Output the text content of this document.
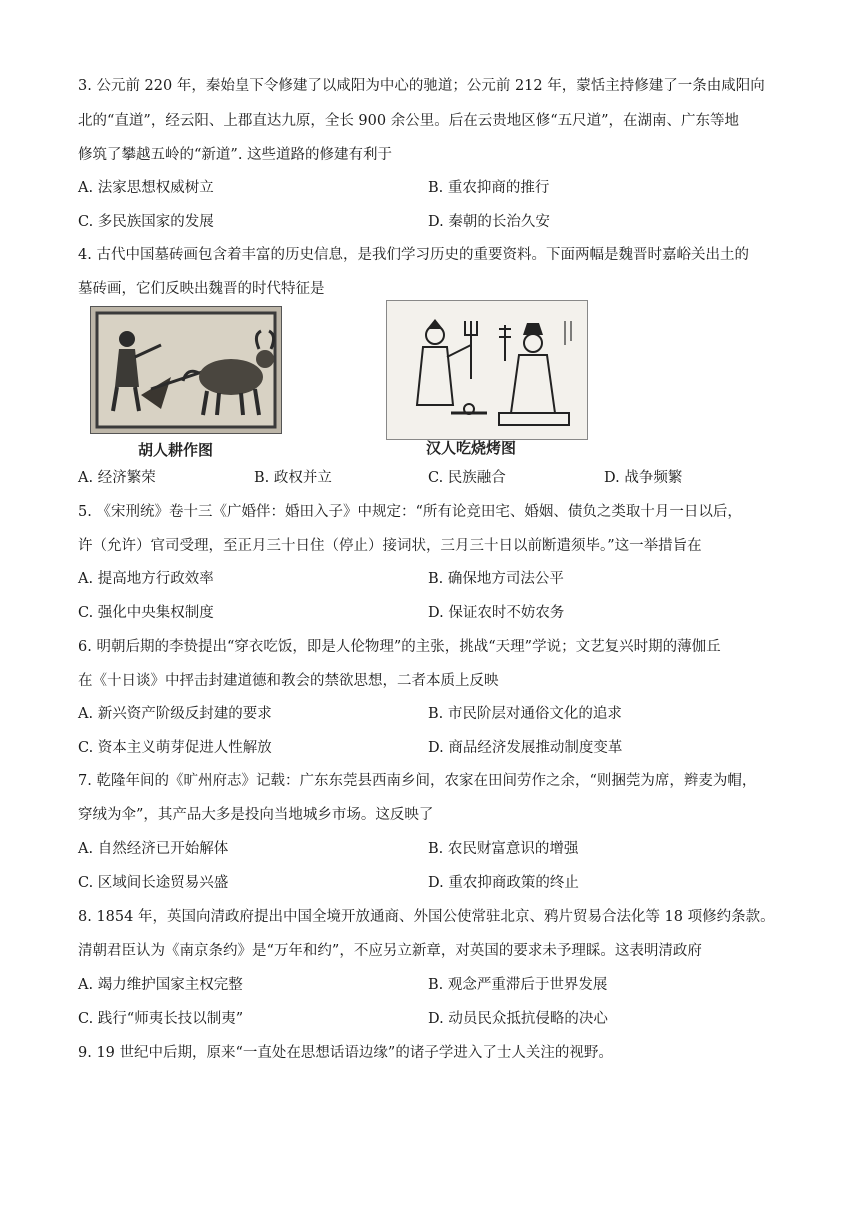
3. 公元前 220 年，秦始皇下令修建了以咸阳为中心的驰道；公元前 212 年，蒙恬主持修建了一条由咸阳向
北的“直道”，经云阳、上郡直达九原，全长 900 余公里。后在云贵地区修“五尺道”，在湖南、广东等地
修筑了攀越五岭的“新道”. 这些道路的修建有利于
A. 法家思想权威树立	B. 重农抑商的推行
C. 多民族国家的发展	D. 秦朝的长治久安
4. 古代中国墓砖画包含着丰富的历史信息，是我们学习历史的重要资料。下面两幅是魏晋时嘉峪关出土的
墓砖画，它们反映出魏晋的时代特征是
胡人耕作图	汉人吃烧烤图
A. 经济繁荣	B. 政权并立	C. 民族融合	D. 战争频繁
5. 《宋刑统》卷十三《广婚伴：婚田入子》中规定：“所有论竞田宅、婚姻、债负之类取十月一日以后，
许（允许）官司受理，至正月三十日住（停止）接词状，三月三十日以前断遣须毕。”这一举措旨在
A. 提高地方行政效率	B. 确保地方司法公平
C. 强化中央集权制度	D. 保证农时不妨农务
6. 明朝后期的李贽提出“穿衣吃饭，即是人伦物理”的主张，挑战“天理”学说；文艺复兴时期的薄伽丘
在《十日谈》中抨击封建道德和教会的禁欲思想，二者本质上反映
A. 新兴资产阶级反封建的要求	B. 市民阶层对通俗文化的追求
C. 资本主义萌芽促进人性解放	D. 商品经济发展推动制度变革
7. 乾隆年间的《旷州府志》记载：广东东莞县西南乡间，农家在田间劳作之余，“则捆莞为席，辫麦为帽，
穿绒为伞”，其产品大多是投向当地城乡市场。这反映了
A. 自然经济已开始解体	B. 农民财富意识的增强
C. 区域间长途贸易兴盛	D. 重农抑商政策的终止
8. 1854 年，英国向清政府提出中国全境开放通商、外国公使常驻北京、鸦片贸易合法化等 18 项修约条款。
清朝君臣认为《南京条约》是“万年和约”，不应另立新章，对英国的要求未予理睬。这表明清政府
A. 竭力维护国家主权完整	B. 观念严重滞后于世界发展
C. 践行“师夷长技以制夷”	D. 动员民众抵抗侵略的决心
9. 19 世纪中后期，原来“一直处在思想话语边缘”的诸子学进入了士人关注的视野。
